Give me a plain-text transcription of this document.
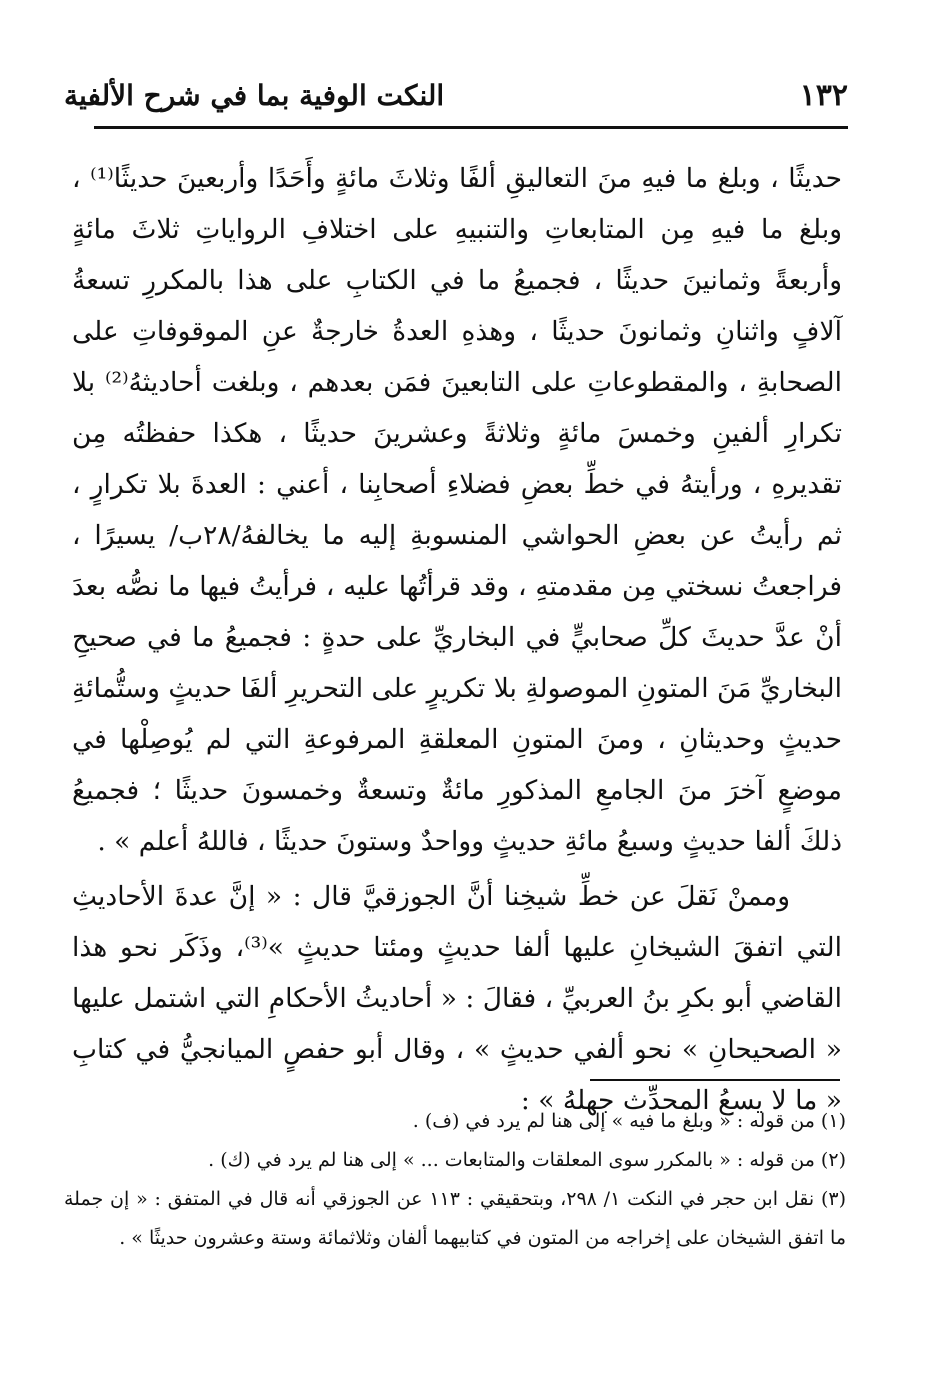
١٣٢
النكت الوفية بما في شرح الألفية

حديثًا ، وبلغ ما فيهِ منَ التعاليقِ ألفًا وثلاثَ مائةٍ وأَحَدًا وأربعينَ حديثًا⁽¹⁾ ، وبلغ ما فيهِ مِن المتابعاتِ والتنبيهِ على اختلافِ الرواياتِ ثلاثَ مائةٍ وأربعةً وثمانينَ حديثًا ، فجميعُ ما في الكتابِ على هذا بالمكررِ تسعةُ آلافٍ واثنانِ وثمانونَ حديثًا ، وهذهِ العدةُ خارجةٌ عنِ الموقوفاتِ على الصحابةِ ، والمقطوعاتِ على التابعينَ فمَن بعدهم ، وبلغت أحاديثهُ⁽²⁾ بلا تكرارِ ألفينِ وخمسَ مائةٍ وثلاثةً وعشرينَ حديثًا ، هكذا حفظتُه مِن تقديرهِ ، ورأيتهُ في خطِّ بعضِ فضلاءِ أصحابِنا ، أعني : العدةَ بلا تكرارٍ ، ثم رأيتُ عن بعضِ الحواشي المنسوبةِ إليه ما يخالفهُ/٢٨ب/ يسيرًا ، فراجعتُ نسختي مِن مقدمتهِ ، وقد قرأتُها عليه ، فرأيتُ فيها ما نصُّه بعدَ أنْ عدَّ حديثَ كلِّ صحابيٍّ في البخاريِّ على حدةٍ : فجميعُ ما في صحيحِ البخاريِّ مَنَ المتونِ الموصولةِ بلا تكريرٍ على التحريرِ ألفَا حديثٍ وستُّمائةِ حديثٍ وحديثانِ ، ومنَ المتونِ المعلقةِ المرفوعةِ التي لم يُوصِلْها في موضعٍ آخرَ منَ الجامعِ المذكورِ مائةٌ وتسعةٌ وخمسونَ حديثًا ؛ فجميعُ ذلكَ ألفا حديثٍ وسبعُ مائةِ حديثٍ وواحدٌ وستونَ حديثًا ، فاللهُ أعلم » .

وممنْ نَقلَ عن خطِّ شيخِنا أنَّ الجوزقيَّ قال : « إنَّ عدةَ الأحاديثِ التي اتفقَ الشيخانِ عليها ألفا حديثٍ ومئتا حديثٍ »⁽³⁾، وذَكَر نحو هذا القاضي أبو بكرِ بنُ العربيِّ ، فقالَ : « أحاديثُ الأحكامِ التي اشتمل عليها « الصحيحانِ » نحو ألفي حديثٍ » ، وقال أبو حفصٍ الميانجيُّ في كتابِ « ما لا يسعُ المحدِّث جهلهُ » :

(١) من قوله : « وبلغ ما فيه » إلى هنا لم يرد في (ف) .

(٢) من قوله : « بالمكرر سوى المعلقات والمتابعات ... » إلى هنا لم يرد في (ك) .

(٣) نقل ابن حجر في النكت ١/ ٢٩٨، وبتحقيقي : ١١٣ عن الجوزقي أنه قال في المتفق : « إن جملة ما اتفق الشيخان على إخراجه من المتون في كتابيهما ألفان وثلاثمائة وستة وعشرون حديثًا » .
